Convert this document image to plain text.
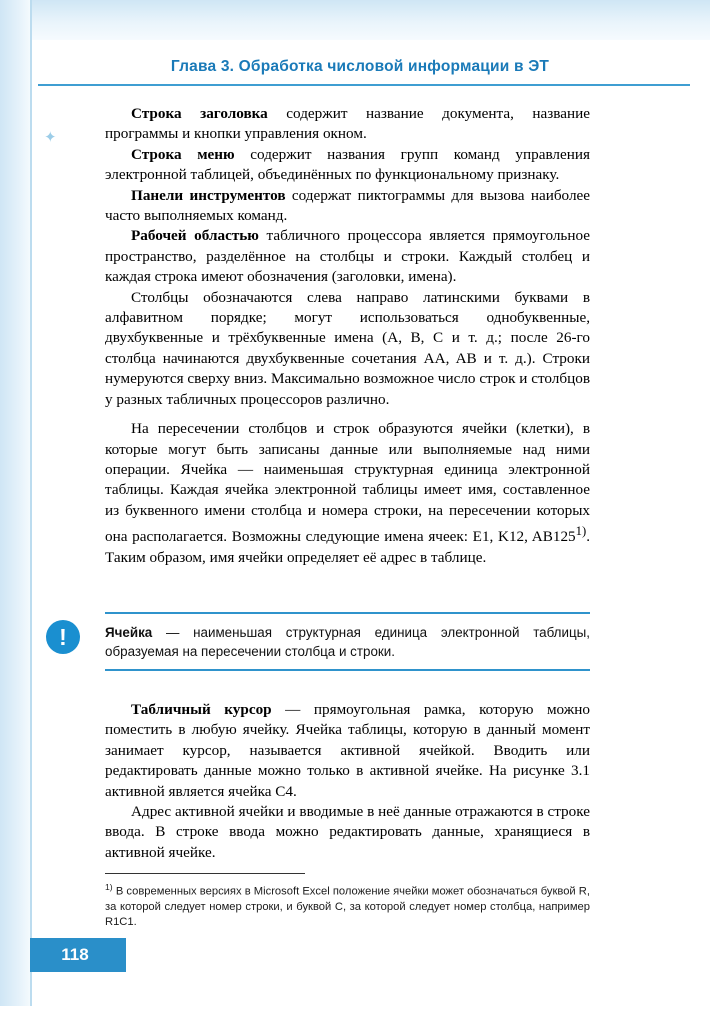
Глава 3. Обработка числовой информации в ЭТ
✦

Строка заголовка содержит название документа, название программы и кнопки управления окном.

Строка меню содержит названия групп команд управления электронной таблицей, объединённых по функциональному признаку.

Панели инструментов содержат пиктограммы для вызова наиболее часто выполняемых команд.

Рабочей областью табличного процессора является прямоугольное пространство, разделённое на столбцы и строки. Каждый столбец и каждая строка имеют обозначения (заголовки, имена).

Столбцы обозначаются слева направо латинскими буквами в алфавитном порядке; могут использоваться однобуквенные, двухбуквенные и трёхбуквенные имена (A, B, C и т. д.; после 26-го столбца начинаются двухбуквенные сочетания AA, AB и т. д.). Строки нумеруются сверху вниз. Максимально возможное число строк и столбцов у разных табличных процессоров различно.

На пересечении столбцов и строк образуются ячейки (клетки), в которые могут быть записаны данные или выполняемые над ними операции. Ячейка — наименьшая структурная единица электронной таблицы. Каждая ячейка электронной таблицы имеет имя, составленное из буквенного имени столбца и номера строки, на пересечении которых она располагается. Возможны следующие имена ячеек: E1, K12, AB125$^{1)}$. Таким образом, имя ячейки определяет её адрес в таблице.

!	Ячейка — наименьшая структурная единица электронной таблицы, образуемая на пересечении столбца и строки.

Табличный курсор — прямоугольная рамка, которую можно поместить в любую ячейку. Ячейка таблицы, которую в данный момент занимает курсор, называется активной ячейкой. Вводить или редактировать данные можно только в активной ячейке. На рисунке 3.1 активной является ячейка C4.

Адрес активной ячейки и вводимые в неё данные отражаются в строке ввода. В строке ввода можно редактировать данные, хранящиеся в активной ячейке.

$^{1)}$ В современных версиях в Microsoft Excel положение ячейки может обозначаться буквой R, за которой следует номер строки, и буквой C, за которой следует номер столбца, например R1C1.
118
